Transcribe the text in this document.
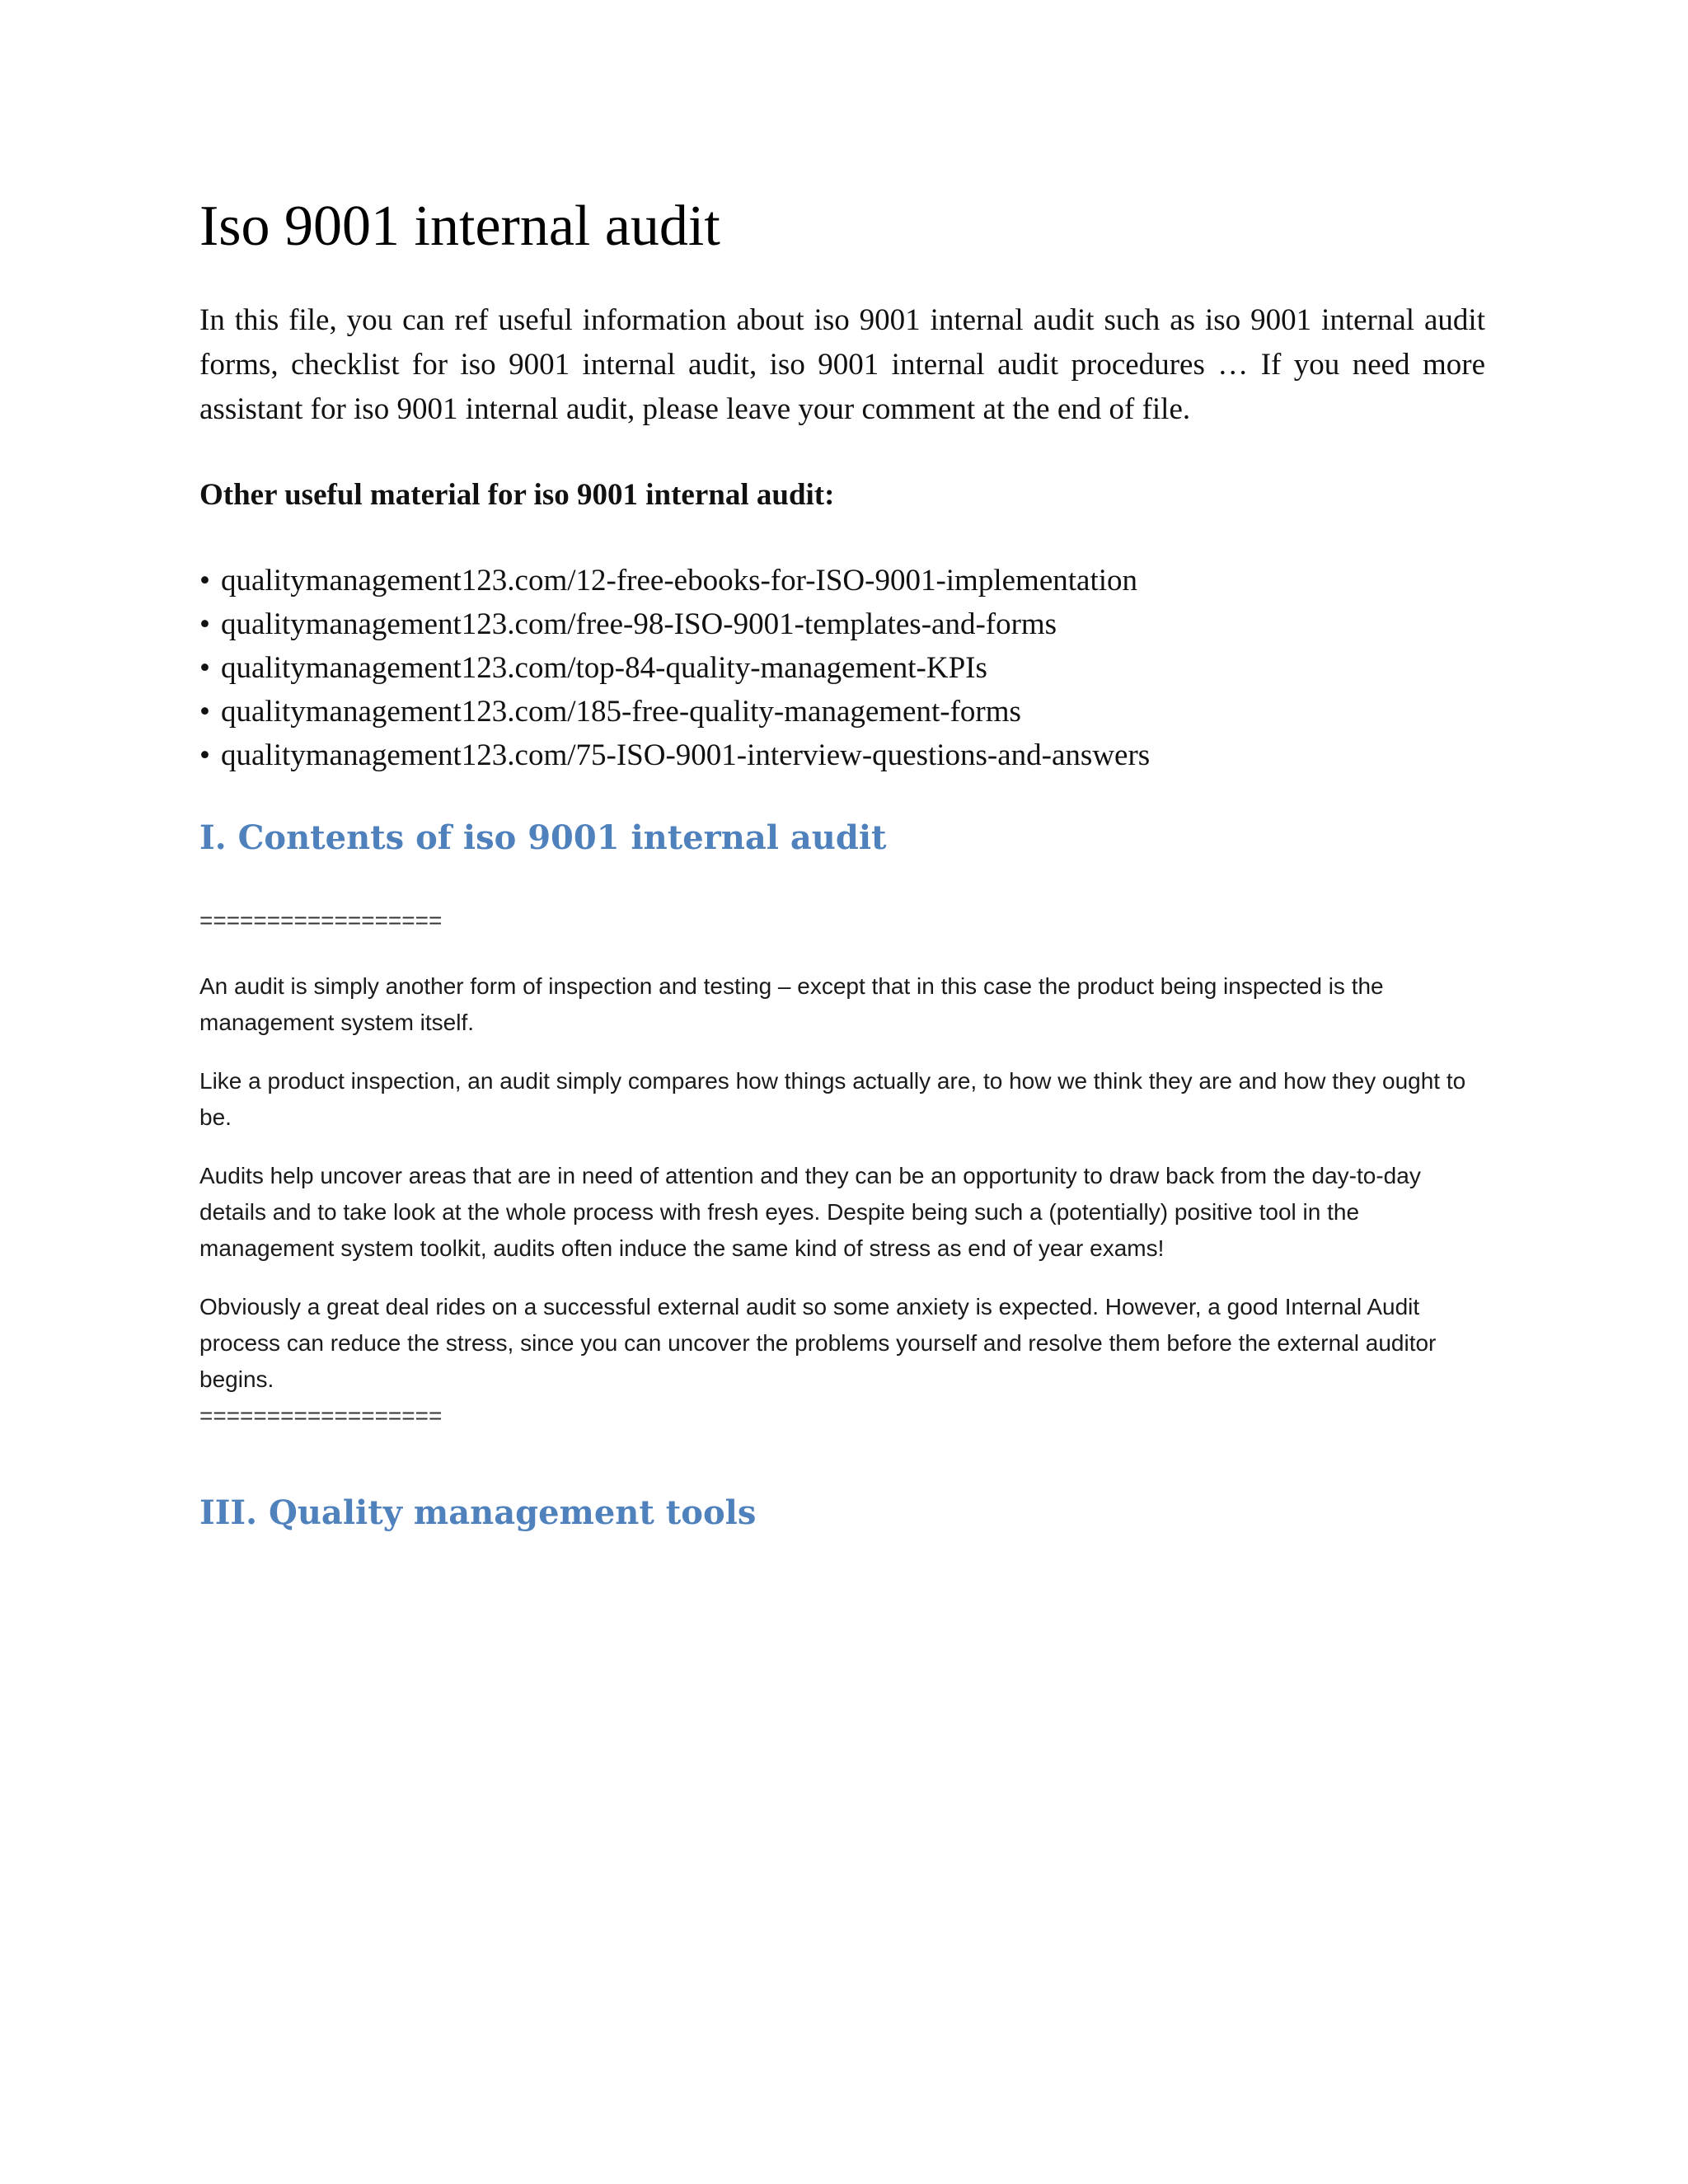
Iso 9001 internal audit

In this file, you can ref useful information about iso 9001 internal audit such as iso 9001 internal audit forms, checklist for iso 9001 internal audit, iso 9001 internal audit procedures … If you need more assistant for iso 9001 internal audit, please leave your comment at the end of file.

Other useful material for iso 9001 internal audit:

• qualitymanagement123.com/12-free-ebooks-for-ISO-9001-implementation
• qualitymanagement123.com/free-98-ISO-9001-templates-and-forms
• qualitymanagement123.com/top-84-quality-management-KPIs
• qualitymanagement123.com/185-free-quality-management-forms
• qualitymanagement123.com/75-ISO-9001-interview-questions-and-answers
I. Contents of iso 9001 internal audit

==================

An audit is simply another form of inspection and testing – except that in this case the product being inspected is the management system itself.

Like a product inspection, an audit simply compares how things actually are, to how we think they are and how they ought to be.

Audits help uncover areas that are in need of attention and they can be an opportunity to draw back from the day-to-day details and to take look at the whole process with fresh eyes. Despite being such a (potentially) positive tool in the management system toolkit, audits often induce the same kind of stress as end of year exams!

Obviously a great deal rides on a successful external audit so some anxiety is expected. However, a good Internal Audit process can reduce the stress, since you can uncover the problems yourself and resolve them before the external auditor begins.

==================

III. Quality management tools
